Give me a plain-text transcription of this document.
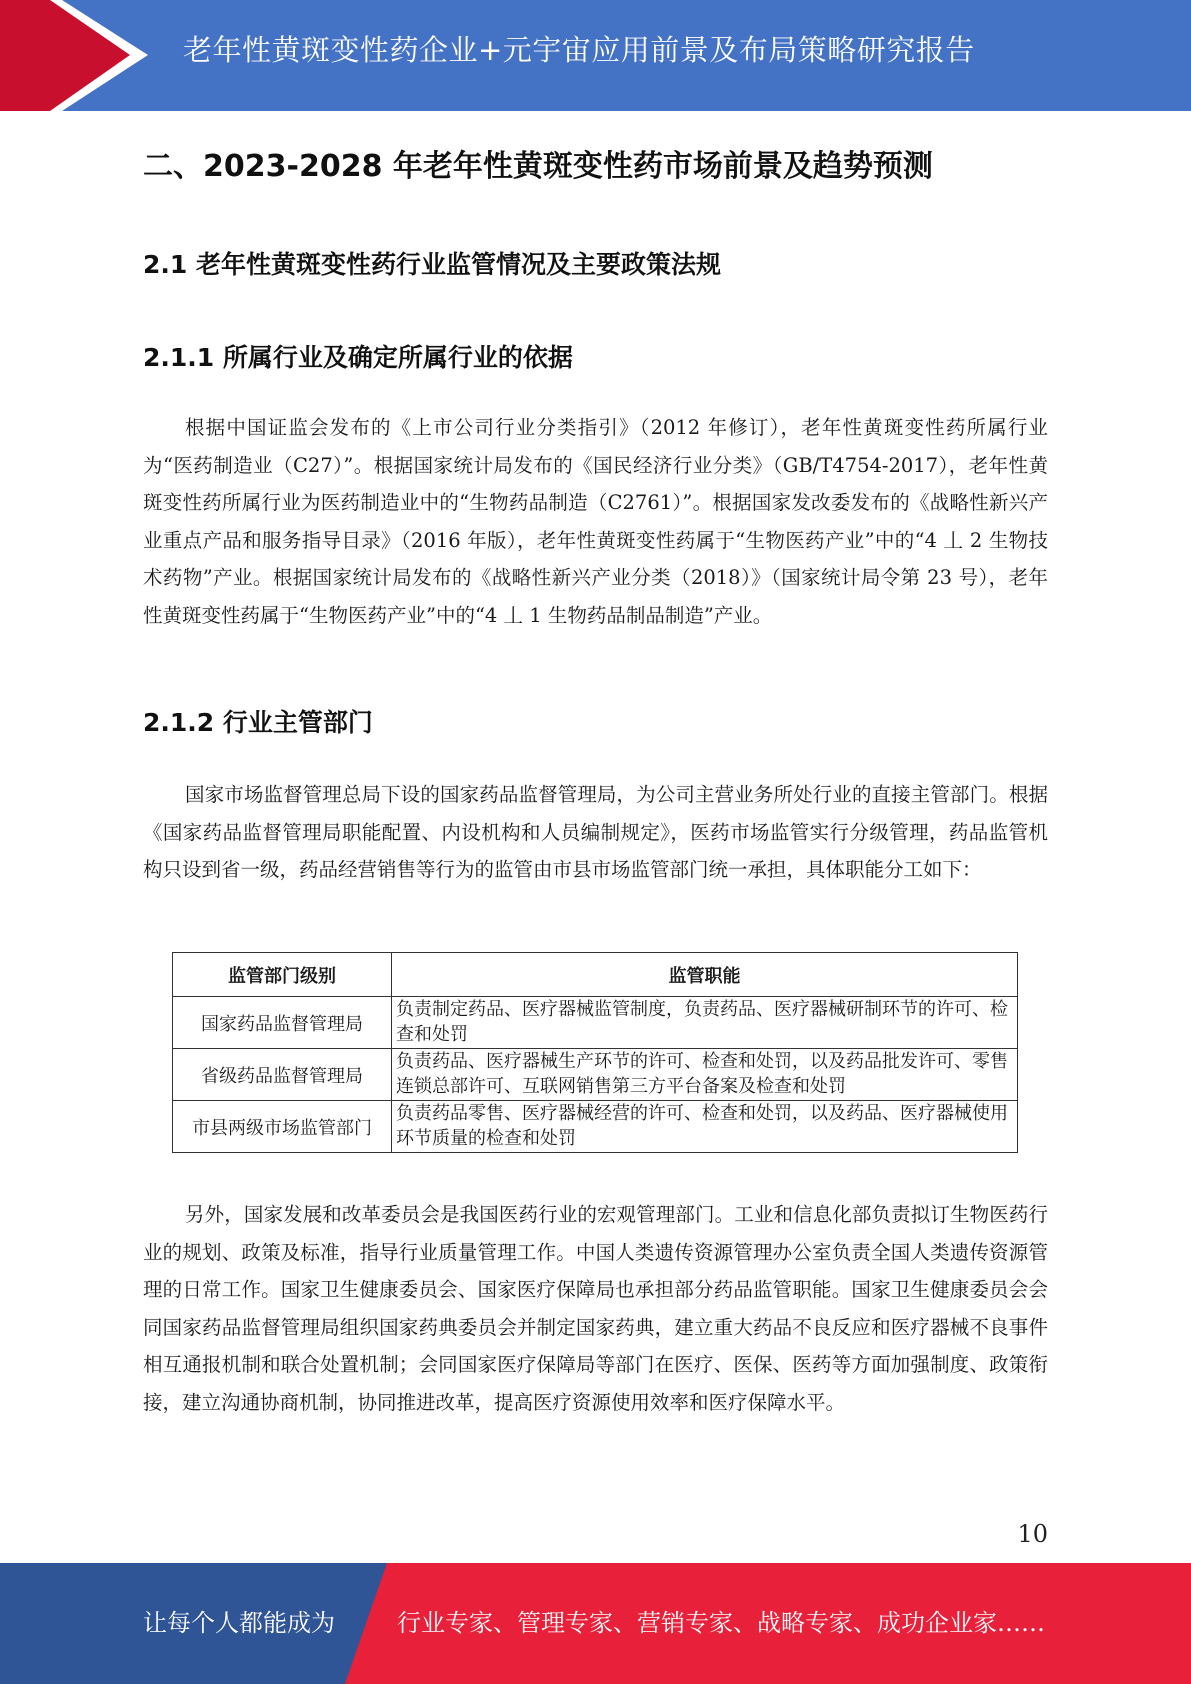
老年性黄斑变性药企业+元宇宙应用前景及布局策略研究报告
二、2023-2028 年老年性黄斑变性药市场前景及趋势预测
2.1 老年性黄斑变性药行业监管情况及主要政策法规
2.1.1 所属行业及确定所属行业的依据

根据中国证监会发布的《上市公司行业分类指引》（2012 年修订），老年性黄斑变性药所属行业为“医药制造业（C27）”。根据国家统计局发布的《国民经济行业分类》（GB/T4754-2017），老年性黄斑变性药所属行业为医药制造业中的“生物药品制造（C2761）”。根据国家发改委发布的《战略性新兴产业重点产品和服务指导目录》（2016 年版），老年性黄斑变性药属于“生物医药产业”中的“4 丄 2 生物技术药物”产业。根据国家统计局发布的《战略性新兴产业分类（2018）》（国家统计局令第 23 号），老年性黄斑变性药属于“生物医药产业”中的“4 丄 1 生物药品制品制造”产业。

2.1.2 行业主管部门

国家市场监督管理总局下设的国家药品监督管理局，为公司主营业务所处行业的直接主管部门。根据《国家药品监督管理局职能配置、内设机构和人员编制规定》，医药市场监管实行分级管理，药品监管机构只设到省一级，药品经营销售等行为的监管由市县市场监管部门统一承担，具体职能分工如下：

监管部门级别	监管职能
国家药品监督管理局	负责制定药品、医疗器械监管制度，负责药品、医疗器械研制环节的许可、检查和处罚
省级药品监督管理局	负责药品、医疗器械生产环节的许可、检查和处罚，以及药品批发许可、零售连锁总部许可、互联网销售第三方平台备案及检查和处罚
市县两级市场监管部门	负责药品零售、医疗器械经营的许可、检查和处罚，以及药品、医疗器械使用环节质量的检查和处罚

另外，国家发展和改革委员会是我国医药行业的宏观管理部门。工业和信息化部负责拟订生物医药行业的规划、政策及标准，指导行业质量管理工作。中国人类遗传资源管理办公室负责全国人类遗传资源管理的日常工作。国家卫生健康委员会、国家医疗保障局也承担部分药品监管职能。国家卫生健康委员会会同国家药品监督管理局组织国家药典委员会并制定国家药典，建立重大药品不良反应和医疗器械不良事件相互通报机制和联合处置机制；会同国家医疗保障局等部门在医疗、医保、医药等方面加强制度、政策衔接，建立沟通协商机制，协同推进改革，提高医疗资源使用效率和医疗保障水平。

10
让每个人都能成为	行业专家、管理专家、营销专家、战略专家、成功企业家……
